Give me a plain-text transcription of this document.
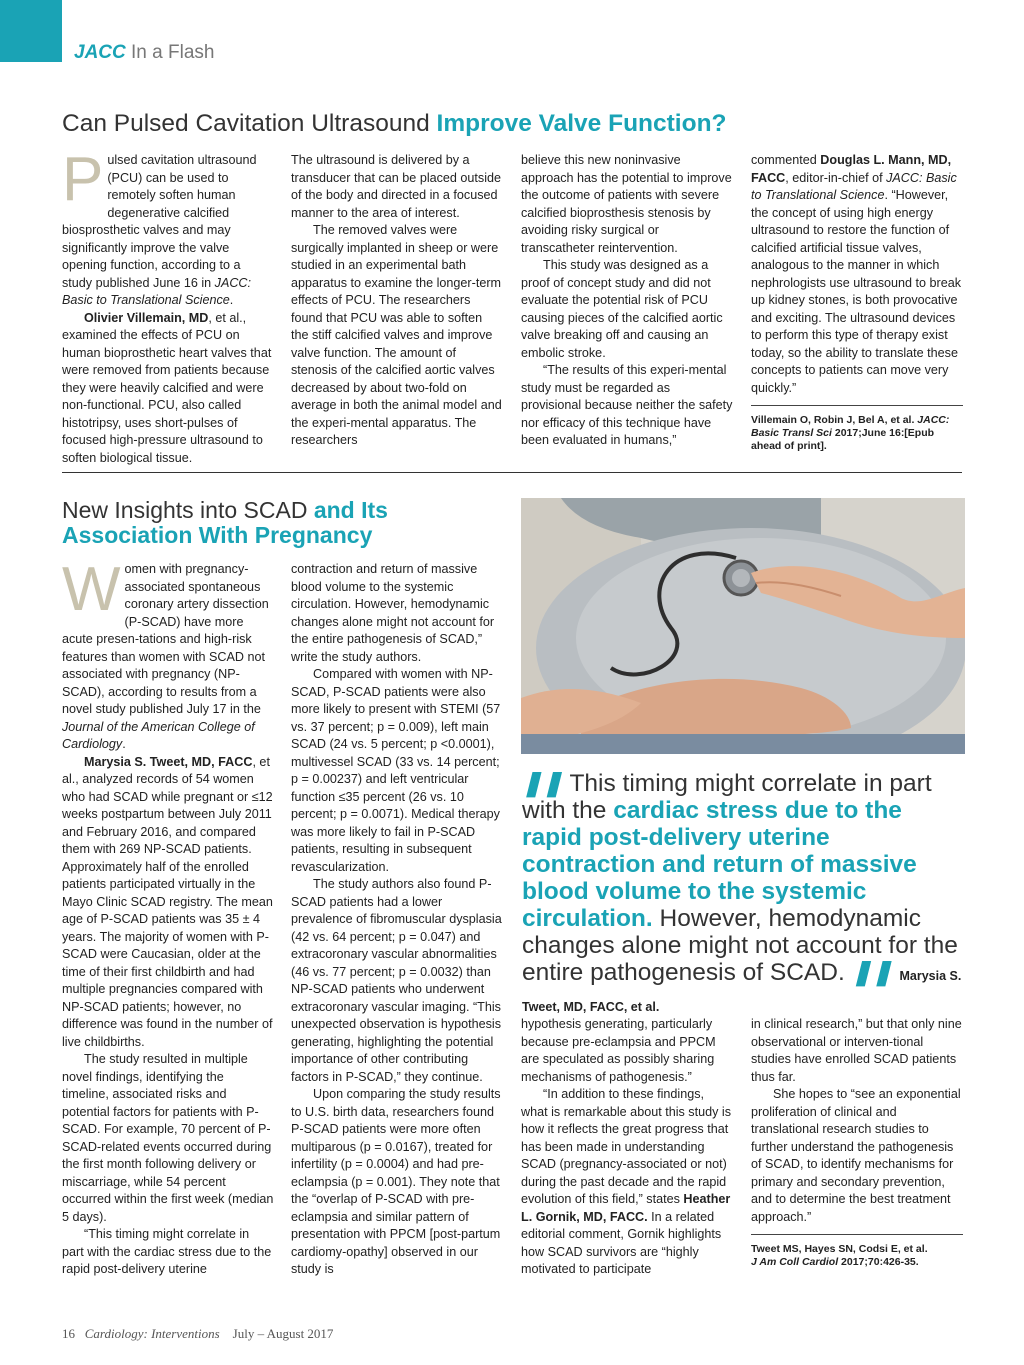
JACC In a Flash
Can Pulsed Cavitation Ultrasound Improve Valve Function?

Pulsed cavitation ultrasound (PCU) can be used to remotely soften human degenerative calcified biosprosthetic valves and may significantly improve the valve opening function, according to a study published June 16 in JACC: Basic to Translational Science.

Olivier Villemain, MD, et al., examined the effects of PCU on human bioprosthetic heart valves that were removed from patients because they were heavily calcified and were non-functional. PCU, also called histotripsy, uses short-pulses of focused high-pressure ultrasound to soften biological tissue.

The ultrasound is delivered by a transducer that can be placed outside of the body and directed in a focused manner to the area of interest.

The removed valves were surgically implanted in sheep or were studied in an experimental bath apparatus to examine the longer-term effects of PCU. The researchers found that PCU was able to soften the stiff calcified valves and improve valve function. The amount of stenosis of the calcified aortic valves decreased by about two-fold on average in both the animal model and the experi-mental apparatus. The researchers

believe this new noninvasive approach has the potential to improve the outcome of patients with severe calcified bioprosthesis stenosis by avoiding risky surgical or transcatheter reintervention.

This study was designed as a proof of concept study and did not evaluate the potential risk of PCU causing pieces of the calcified aortic valve breaking off and causing an embolic stroke.

“The results of this experi-mental study must be regarded as provisional because neither the safety nor efficacy of this technique have been evaluated in humans,”

commented Douglas L. Mann, MD, FACC, editor-in-chief of JACC: Basic to Translational Science. “However, the concept of using high energy ultrasound to restore the function of calcified artificial tissue valves, analogous to the manner in which nephrologists use ultrasound to break up kidney stones, is both provocative and exciting. The ultrasound devices to perform this type of therapy exist today, so the ability to translate these concepts to patients can move very quickly.”

Villemain O, Robin J, Bel A, et al. JACC: Basic Transl Sci 2017;June 16:[Epub ahead of print].
New Insights into SCAD and Its Association With Pregnancy

Women with pregnancy-associated spontaneous coronary artery dissection (P-SCAD) have more acute presen-tations and high-risk features than women with SCAD not associated with pregnancy (NP-SCAD), according to results from a novel study published July 17 in the Journal of the American College of Cardiology.

Marysia S. Tweet, MD, FACC, et al., analyzed records of 54 women who had SCAD while pregnant or ≤12 weeks postpartum between July 2011 and February 2016, and compared them with 269 NP-SCAD patients. Approximately half of the enrolled patients participated virtually in the Mayo Clinic SCAD registry. The mean age of P-SCAD patients was 35 ± 4 years. The majority of women with P-SCAD were Caucasian, older at the time of their first childbirth and had multiple pregnancies compared with NP-SCAD patients; however, no difference was found in the number of live childbirths.

The study resulted in multiple novel findings, identifying the timeline, associated risks and potential factors for patients with P-SCAD. For example, 70 percent of P-SCAD-related events occurred during the first month following delivery or miscarriage, while 54 percent occurred within the first week (median 5 days).

“This timing might correlate in part with the cardiac stress due to the rapid post-delivery uterine

contraction and return of massive blood volume to the systemic circulation. However, hemodynamic changes alone might not account for the entire pathogenesis of SCAD,” write the study authors.

Compared with women with NP-SCAD, P-SCAD patients were also more likely to present with STEMI (57 vs. 37 percent; p = 0.009), left main SCAD (24 vs. 5 percent; p <0.0001), multivessel SCAD (33 vs. 14 percent; p = 0.00237) and left ventricular function ≤35 percent (26 vs. 10 percent; p = 0.0071). Medical therapy was more likely to fail in P-SCAD patients, resulting in subsequent revascularization.

The study authors also found P-SCAD patients had a lower prevalence of fibromuscular dysplasia (42 vs. 64 percent; p = 0.047) and extracoronary vascular abnormalities (46 vs. 77 percent; p = 0.0032) than NP-SCAD patients who underwent extracoronary vascular imaging. “This unexpected observation is hypothesis generating, highlighting the potential importance of other contributing factors in P-SCAD,” they continue.

Upon comparing the study results to U.S. birth data, researchers found P-SCAD patients were more often multiparous (p = 0.0167), treated for infertility (p = 0.0004) and had pre-eclampsia (p = 0.001). They note that the “overlap of P-SCAD with pre-eclampsia and similar pattern of presentation with PPCM [post-partum cardiomy-opathy] observed in our study is

❚❚ This timing might correlate in part with the cardiac stress due to the rapid post-delivery uterine contraction and return of massive blood volume to the systemic circulation. However, hemodynamic changes alone might not account for the entire pathogenesis of SCAD. ❚❚ Marysia S. Tweet, MD, FACC, et al.

hypothesis generating, particularly because pre-eclampsia and PPCM are speculated as possibly sharing mechanisms of pathogenesis.”

“In addition to these findings, what is remarkable about this study is how it reflects the great progress that has been made in understanding SCAD (pregnancy-associated or not) during the past decade and the rapid evolution of this field,” states Heather L. Gornik, MD, FACC. In a related editorial comment, Gornik highlights how SCAD survivors are “highly motivated to participate

in clinical research,” but that only nine observational or interven-tional studies have enrolled SCAD patients thus far.

She hopes to “see an exponential proliferation of clinical and translational research studies to further understand the pathogenesis of SCAD, to identify mechanisms for primary and secondary prevention, and to determine the best treatment approach.”

Tweet MS, Hayes SN, Codsi E, et al.
J Am Coll Cardiol 2017;70:426-35.
16 Cardiology: Interventions July – August 2017
